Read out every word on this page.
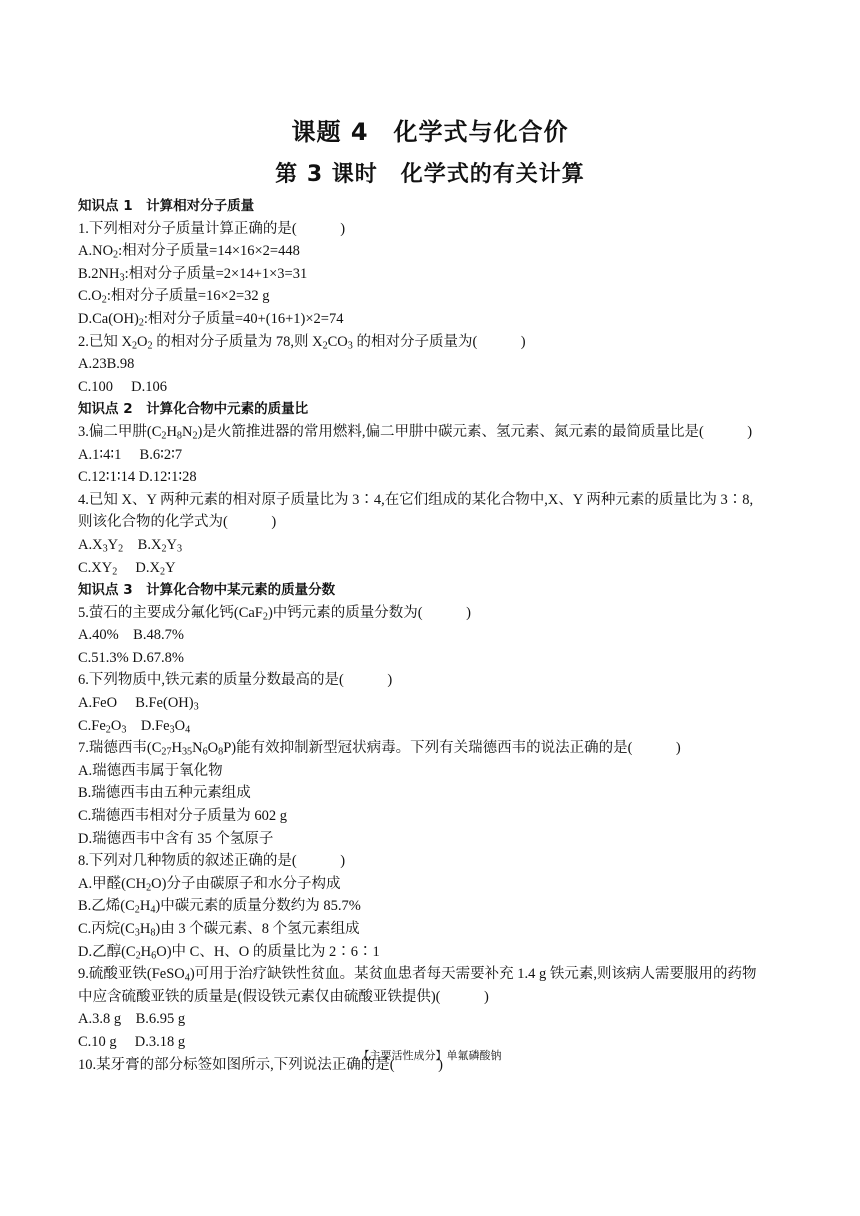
课题 4　化学式与化合价
第 3 课时　化学式的有关计算
知识点 1　计算相对分子质量
1.下列相对分子质量计算正确的是(　　　)
$A.NO_2$:相对分子质量=14×16×2=448
$B.2NH_3$:相对分子质量=2×14+1×3=31
$C.O_2$:相对分子质量=16×2=32 g
$D.Ca(OH)_2$:相对分子质量=40+(16+1)×2=74
2.已知 $X_2O_2$ 的相对分子质量为 78,则 $X_2CO_3$ 的相对分子质量为(　　　)
A.23B.98
C.100　 D.106
知识点 2　计算化合物中元素的质量比
3.偏二甲肼$(C_2H_8N_2)$是火箭推进器的常用燃料,偏二甲肼中碳元素、氢元素、氮元素的最简质量比是(　　　)
A.1∶4∶1　 B.6∶2∶7
C.12∶1∶14 D.12∶1∶28
4.已知 X、Y 两种元素的相对原子质量比为 3∶4,在它们组成的某化合物中,X、Y 两种元素的质量比为 3∶8,
则该化合物的化学式为(　　　)
$A.X_3Y_2$　$B.X_2Y_3$
$C.XY_2$　 $D.X_2Y$
知识点 3　计算化合物中某元素的质量分数
5.萤石的主要成分氟化钙(CaF$_2$)中钙元素的质量分数为(　　　)
A.40%　B.48.7%
C.51.3% D.67.8%
6.下列物质中,铁元素的质量分数最高的是(　　　)
A.FeO　 $B.Fe(OH)_3$
$C.Fe_2O_3$　$D.Fe_3O_4$
7.瑞德西韦$(C_{27}H_{35}N_6O_8P)$能有效抑制新型冠状病毒。下列有关瑞德西韦的说法正确的是(　　　)
A.瑞德西韦属于氧化物
B.瑞德西韦由五种元素组成
C.瑞德西韦相对分子质量为 602 g
D.瑞德西韦中含有 35 个氢原子
8.下列对几种物质的叙述正确的是(　　　)
A.甲醛$(CH_2O)$分子由碳原子和水分子构成
B.乙烯$(C_2H_4)$中碳元素的质量分数约为 85.7%
C.丙烷$(C_3H_8)$由 3 个碳元素、8 个氢元素组成
D.乙醇$(C_2H_6O)$中 C、H、O 的质量比为 2∶6∶1
9.硫酸亚铁(FeSO$_4$)可用于治疗缺铁性贫血。某贫血患者每天需要补充 1.4 g 铁元素,则该病人需要服用的药物
中应含硫酸亚铁的质量是(假设铁元素仅由硫酸亚铁提供)(　　　)
A.3.8 g　B.6.95 g
C.10 g　 D.3.18 g
10.某牙膏的部分标签如图所示,下列说法正确的是(　　　)
【主要活性成分】单氟磷酸钠
